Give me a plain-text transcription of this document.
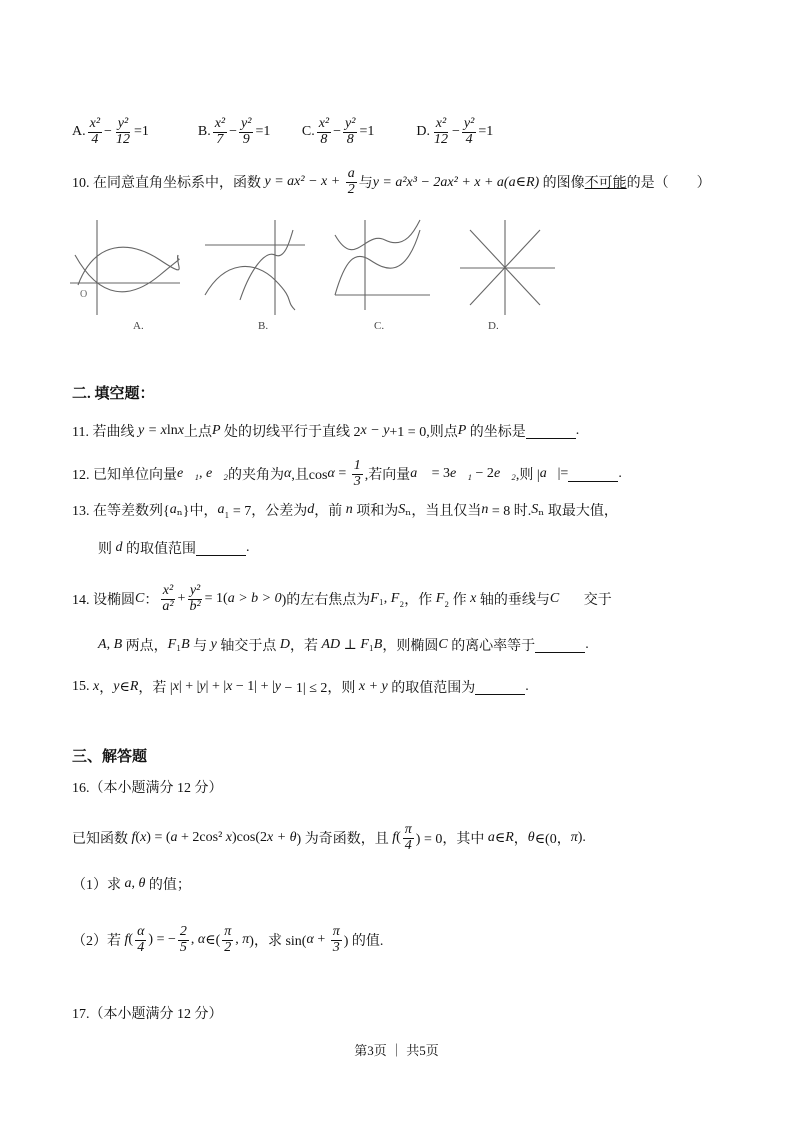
A. $\frac{\text{x²}}{4} - \frac{\text{y²}}{12} =1$ B. $\frac{\text{x²}}{7} - \frac{\text{y²}}{9} =1$ C. $\frac{\text{x²}}{8} - \frac{\text{y²}}{8} =1$ D. $\frac{\text{x²}}{12} - \frac{\text{y²}}{4} =1$
10. 在同意直角坐标系中，函数 $y = ax^2 - x + \frac{a}{2}$ 与 y = a²x³ − 2ax² + x + a(a∈R) 的图像 不可能 的是（　　）
二. 填空题：
11. 若曲线 y = x ln x 上点 P 处的切线平行于直线 2 x − y +1 = 0,则点 P 的坐标是	.
12. 已知单位向量 e⃗₁, e⃗₂ 的夹角为 α ,且$\cos \alpha = \frac{1}{3}$ ,若向量 a⃗ = 3 e⃗₁ − 2 e⃗₂ ,则 | a⃗ |=	.
13. 在等差数列{ a ₙ}中， a ₁ = 7，公差为 d ，前 n 项和为 S ₙ，当且仅当 n = 8 时. S ₙ 取最大值，
则 d 的取值范围	.
14. 设椭圆 C ： $\frac{\text{x²}}{\text{a²}} + \frac{\text{y²}}{\text{b²}} = 1$( a > b > 0 )的左右焦点为 F ₁, F ₂，作 F ₂ 作 x 轴的垂线与 C 交于
A , B 两点， F ₁ B 与 y 轴交于点 D ，若 AD ⊥ F ₁ B ，则椭圆 C 的离心率等于	.
15. x ， y ∈ R ，若 | x | + | y | + | x − 1| + | y − 1| ≤ 2，则 x + y 的取值范围为	.
三、解答题
16.（本小题满分 12 分）
已知函数 f ( x ) = ( a + 2cos² x )cos(2 x + θ ) 为奇函数，且 f ( $\frac{\pi}{4}$ ) = 0，其中 a ∈ R ， θ ∈(0， π ).
（1）求 a , θ 的值；
（2）若 f ( $\frac{\alpha}{4}$ ) = − $\frac{2}{5}$ , α ∈( $\frac{\pi}{2}$ , π )，求 sin( $\alpha + \frac{\pi}{3}$ ) 的值.
17.（本小题满分 12 分）
O
A.	B.	C.	D.
第3页 ｜ 共5页
